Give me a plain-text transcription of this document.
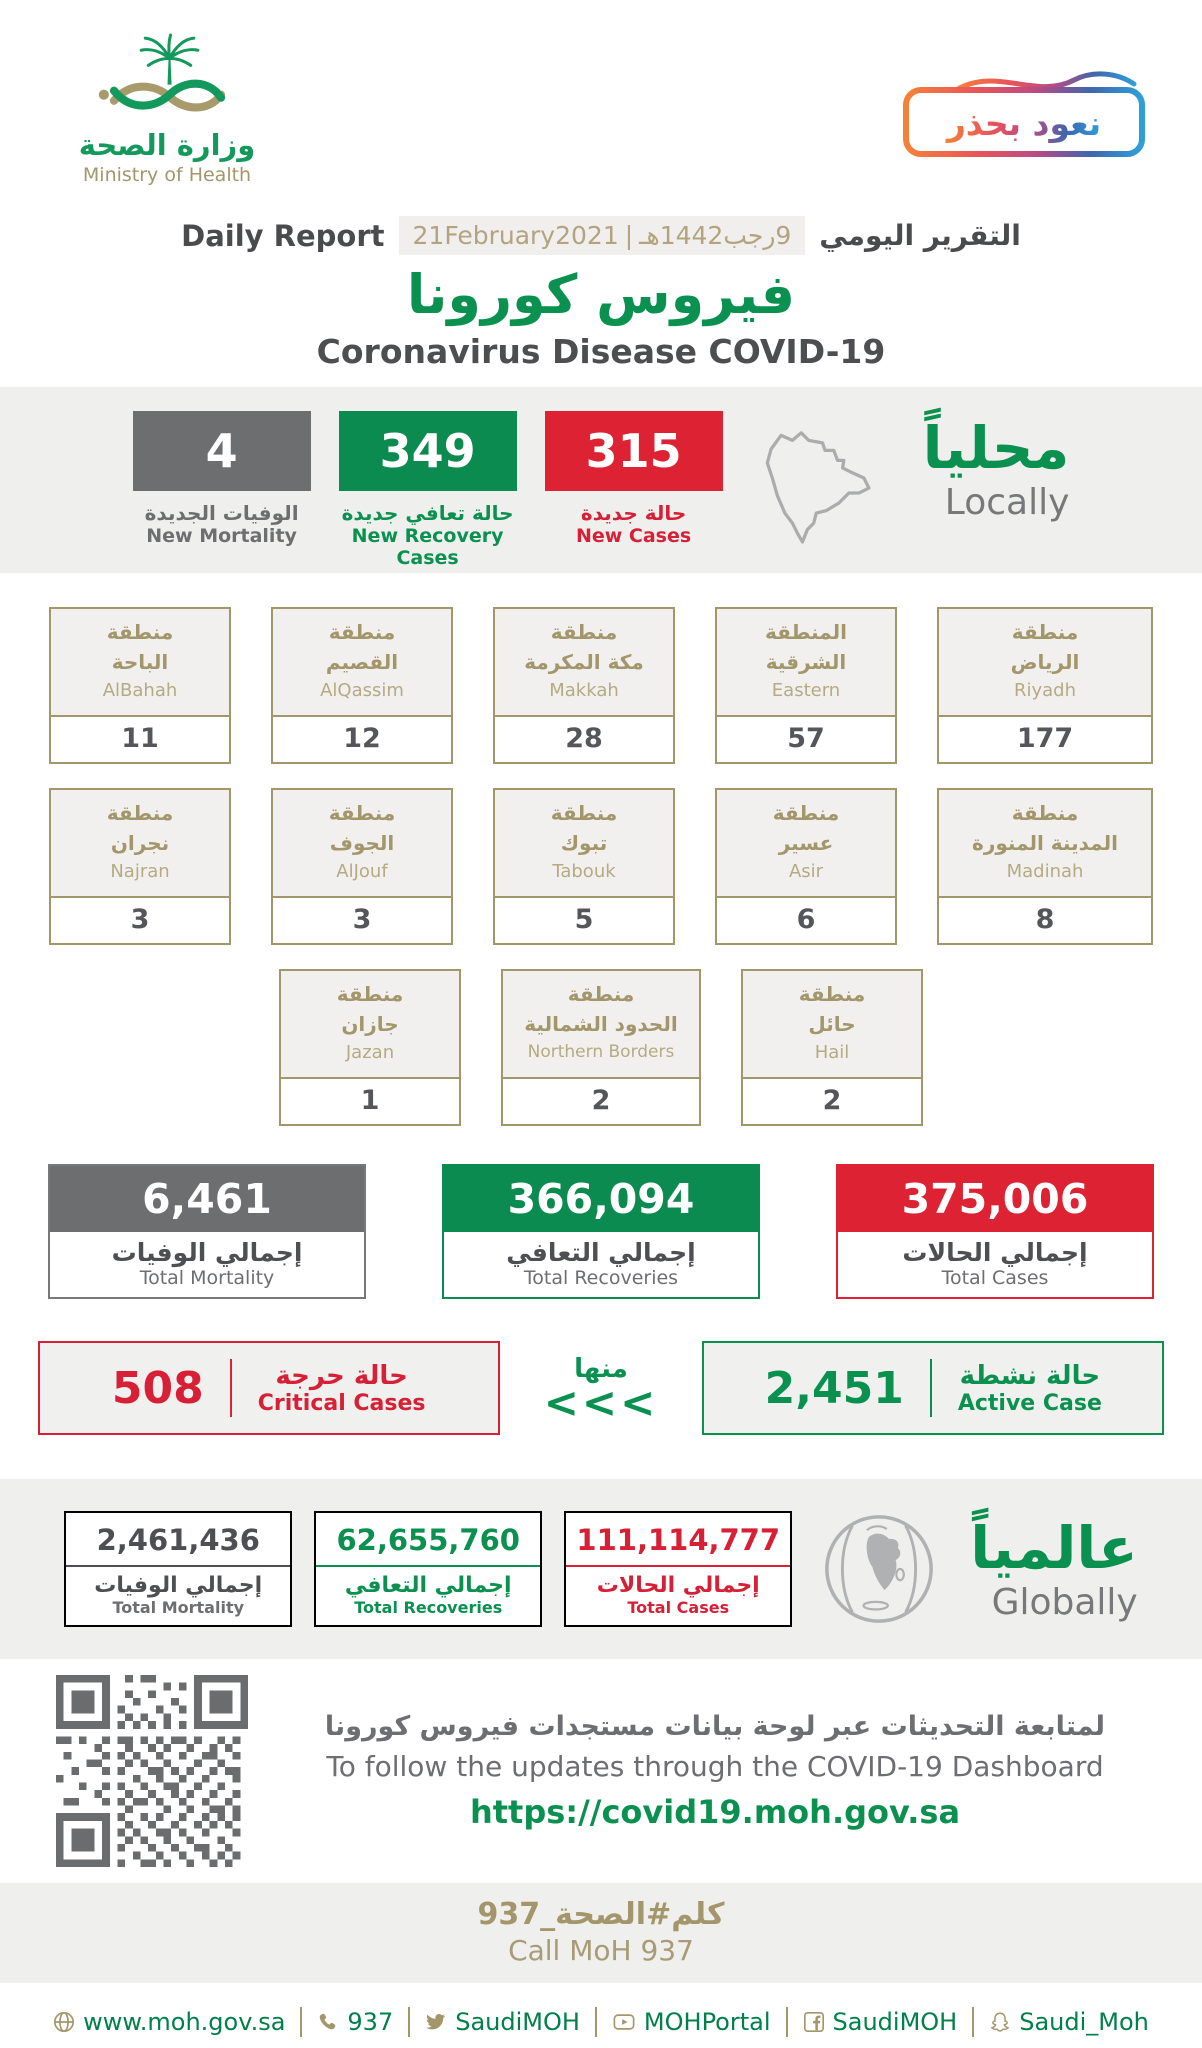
وزارة الصحة
Ministry of Health
نعود بحذر
Daily Report 21February2021 | 9رجب1442هـ التقرير اليومي
فيروس كورونا
Coronavirus Disease COVID-19
4
الوفيات الجديدة
New Mortality
349
حالة تعافي جديدة
New Recovery Cases
315
حالة جديدة
New Cases
محلياً
Locally
منطقة
الباحة
AlBahah
11
منطقة
القصيم
AlQassim
12
منطقة
مكة المكرمة
Makkah
28
المنطقة
الشرقية
Eastern
57
منطقة
الرياض
Riyadh
177
منطقة
نجران
Najran
3
منطقة
الجوف
AlJouf
3
منطقة
تبوك
Tabouk
5
منطقة
عسير
Asir
6
منطقة
المدينة المنورة
Madinah
8
منطقة
جازان
Jazan
1
منطقة
الحدود الشمالية
Northern Borders
2
منطقة
حائل
Hail
2
6,461
إجمالي الوفيات
Total Mortality
366,094
إجمالي التعافي
Total Recoveries
375,006
إجمالي الحالات
Total Cases
508	حالة حرجة
Critical Cases
منها
<<< 2,451 حالة نشطة
Active Case
2,461,436
إجمالي الوفيات
Total Mortality
62,655,760
إجمالي التعافي
Total Recoveries
111,114,777
إجمالي الحالات
Total Cases
عالمياً
Globally
لمتابعة التحديثات عبر لوحة بيانات مستجدات فيروس كورونا
To follow the updates through the COVID-19 Dashboard
https://covid19.moh.gov.sa
كلم#الصحة_937
Call MoH 937
www.moh.gov.sa	937	SaudiMOH	MOHPortal	SaudiMOH	Saudi_Moh
